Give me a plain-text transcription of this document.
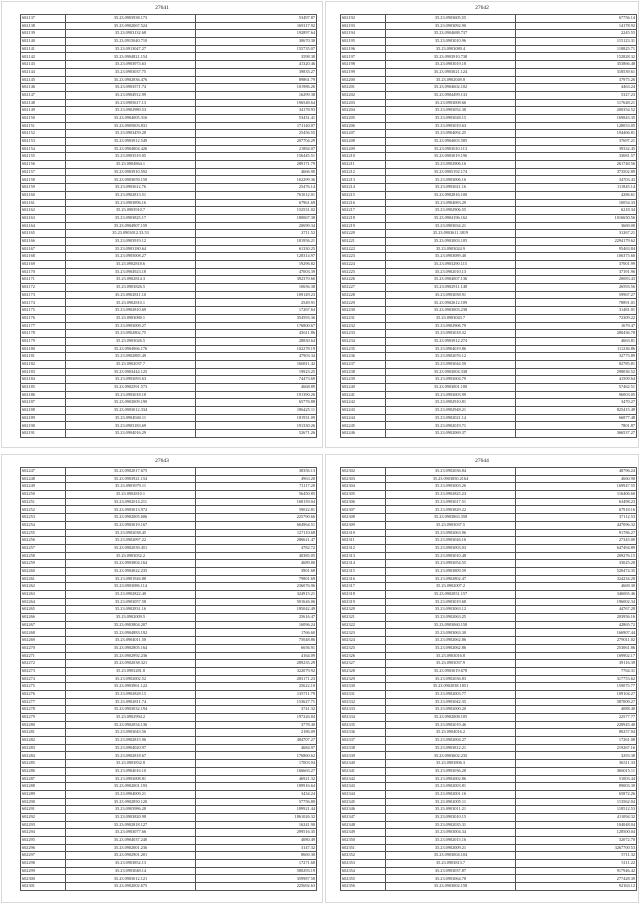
27641
602137	35.23.0903938.173	53497.87
602138	35.23.0902067.524	169117.92
602139	35.23.0903132.68	192897.64
602140	35.23.0915040.710	30670.30
602141	35.23.0913047.27	155735.07
602142	35.23.0904821.154	3598.38
602143	35.23.0903973.63	41320.46
602144	35.23.0903037.75	39835.27
602145	35.23.0902836.476	89861.79
602146	35.23.0903571.74	101986.26
602147	35.23.0904912.99	16299.38
602148	35.23.0905617.13	196548.64
602149	35.23.0902980.53	34178.93
602150	35.23.0904005.316	53431.41
602151	35.23.0905003.831	171140.07
602152	35.23.0903459.28	25456.55
602153	35.23.0903912.549	207704.29
602154	35.23.0904804.426	21884.07
602155	35.23.0903519.05	156445.51
602156	35.23.0904864.1	289171.79
602157	35.23.0903910.592	4666.90
602158	35.23.0903059.150	162299.36
602159	35.23.0903612.76	25476.14
602160	35.23.0902813.51	761012.01
602161	35.23.0903896.16	67961.69
602162	35.23.0903910.7	152531.02
602163	35.23.0903825.17	180067.38
602164	35.23.0904907.159	20699.34
602165	35.23.0903012.33.53	2711.52
602166	35.23.0903919.12	181956.21
602167	35.23.0903180.64	61330.25
602168	35.23.0905008.27	128314.97
602169	35.23.0902818.6	19296.82
602170	35.23.0904923.18	47003.39
602171	35.23.0902814.3	392370.60
602172	35.23.0903826.5	10656.38
602173	35.23.0902811.10	109149.23
602174	35.23.0902810.1	2549.91
602175	35.23.0902810.69	17267.64
602176	35.23.0903080.1	354593.36
602177	35.23.0903009.27	176800.67
602178	35.23.0902802.75	43611.86
602179	35.23.0903026.5	28830.64
602180	35.23.0904966.176	102278.19
602181	35.23.0902885.49	47903.34
602182	35.23.0902037.7	166811.42
602183	35.23.0903444.125	19923.25
602184	35.23.0903093.63	74473.69
602185	35.23.0902591.573	4668.89
602186	35.23.0903018.18	191390.26
602187	35.23.0903009.190	65776.88
602188	35.23.0903012.334	186425.11
602189	35.23.0904940.11	181931.09
602190	35.23.0903183.69	191330.26
602191	35.23.0904016.29	52671.26
27642
602192	35.23.0903605.55	67756.14
602193	35.23.0903092.90	14178.92
602194	35.23.0904688.737	2245.55
602195	35.23.0903010.96	115123.31
602196	35.23.0903080.4	118825.71
602197	35.23.0903910.738	152828.32
602198	35.23.0903019.18	353866.48
602199	35.23.0903021.124	318539.61
602200	35.23.0902049.8	37975.26
602201	35.23.0904602.102	4463.24
602202	35.23.0904499.133	5327.23
602203	35.23.0903008.66	117648.21
602204	35.23.0903052.38	200354.52
602205	35.23.0903028.15	169843.35
602206	35.23.0903019.63	128053.05
602207	35.23.0904092.25	194466.81
602208	35.23.0904003.585	37697.21
602209	35.23.0903010.113	39332.45
602210	35.23.0903019.196	33681.57
602211	35.23.0902906.16	261748.56
602212	35.23.0905192.174	373502.89
602213	35.23.0903006.16	34703.43
602214	35.23.0903021.16	111845.14
602215	35.23.0902816.100	4286.61
602216	35.23.0904083.29	10054.33
602217	35.23.0902906.55	6218.34
602218	35.23.0904196.162	1016650.56
602219	35.23.0903034.21	3669.00
602220	35.23.0903611.3819	31267.21
602221	35.23.0903003.105	2294179.62
602222	35.23.0903024.9	95463.84
602223	35.23.0903089.40	106375.60
602224	35.23.0903290.115	37001.99
602225	35.23.0902010.13	37191.96
602226	35.23.0904007.136	20083.43
602227	35.23.0902911.148	26593.56
602228	35.23.0903058.91	59967.27
602229	35.23.0902612.109	78891.01
602230	35.23.0903003.238	31481.01
602231	35.23.0903043.7	72309.22
602232	35.23.0902906.79	1679.47
602233	35.23.0903018.32	280436.78
602234	35.23.0903912.274	4663.81
602235	35.23.0904019.86	111236.86
602236	35.23.0902076.12	32775.89
602237	35.23.0903044.50	82785.81
602238	35.23.0903004.338	298036.52
602239	35.23.0903004.79	41509.64
602240	35.23.0903001.100	57462.51
602241	35.23.0903003.99	96003.05
602242	35.23.0902910.81	3470.27
602243	35.23.0902948.21	825415.49
602244	35.23.0902021.14	66877.48
602245	35.23.0902019.71	7801.87
602246	35.23.0902069.37	366537.27
27643
602247	35.23.0902017.675	38356.13
602248	35.23.0903921.154	4963.20
602249	35.23.0903979.11	71117.20
602250	35.23.0902810.1	56450.85
602251	35.23.0902014.211	168159.04
602252	35.23.0903013.972	59022.81
602253	35.23.0902005.606	225790.66
602254	35.23.0903019.167	604964.51
602255	35.23.0902038.45	127110.68
602256	35.23.0902097.22	286621.47
602257	35.23.0902039.451	4782.72
602258	35.23.0903052.2	40385.05
602259	35.23.0903804.164	4689.80
602260	35.23.0904022.235	3901.68
602261	35.23.0901926.88	79801.69
602262	35.23.0903086.114	236076.96
602263	35.23.0902822.40	324915.21
602264	35.23.0903057.58	501626.06
602265	35.23.0902831.16	185042.49
602266	35.23.0902009.5	25616.47
602267	35.23.0903804.207	16096.24
602268	35.23.0904883.192	1766.60
602269	35.23.0904011.50	75048.86
602270	35.23.0902805.164	6656.91
602271	35.23.0902992.236	4164.09
602272	35.23.0902038.321	289235.29
602273	35.23.0903281.8	322079.92
602274	35.23.0902002.52	283171.23
602275	35.23.0903961.122	25622.10
602276	35.23.0902828.15	135711.79
602277	35.23.0902811.74	153627.71
602278	35.23.0903032.194	3741.32
602279	35.23.0902994.2	197226.84
602280	35.23.0902054.136	3778.40
602281	35.23.0903043.56	2186.09
602282	35.23.0902815.96	484707.27
602283	35.23.0904020.97	4684.97
602284	35.23.0902818.67	176860.62
602285	35.23.0903832.8	17003.94
602286	35.23.0904016.10	166663.27
602287	35.23.0903008.81	46921.32
602288	35.23.0902001.193	189916.64
602289	35.23.0904009.21	3434.24
602290	35.23.0902850.120	57756.80
602291	35.23.0903986.28	189921.44
602292	35.23.0903820.98	1861026.32
602293	35.23.0902818.127	16241.90
602294	35.23.0903077.66	299516.35
602295	35.23.0904037.240	4080.49
602296	35.23.0902001.236	3147.32
602297	35.23.0902901.201	8669.30
602298	35.23.0903852.13	17271.60
602299	35.23.0903048.14	580293.19
602300	35.23.0903012.121	359987.58
602301	35.23.0902002.675	225692.63
27644
602302	35.23.0902036.84	48796.24
602303	35.23.0903850.2164	4660.90
602304	35.23.0903003.26	169947.55
602305	35.23.0902825.23	116406.60
602306	35.23.0903017.51	63498.23
602307	35.23.0903829.22	67918.16
602308	35.23.0903863.358	37112.53
602309	35.23.0903037.5	447096.32
602310	35.23.0902063.96	91786.27
602311	35.23.0903026.16	27345.00
602312	35.23.0903003.03	647494.89
602313	35.23.0903010.48	209276.15
602314	35.23.0903054.55	33025.28
602315	35.23.0903809.59	528474.35
602316	35.23.0902802.47	324234.20
602317	35.23.0902007.2	4669.30
602318	35.23.0902051.157	346065.46
602319	35.23.0903019.68	196002.34
602320	35.23.0903063.12	44767.28
602321	35.23.0902063.25	203956.16
602322	35.23.0903060.158	42865.72
602323	35.23.0903063.30	166907.44
602324	35.23.0902062.86	279011.02
602325	35.23.0902062.86	253061.86
602326	35.23.0903016.8	169902.17
602327	35.23.0903037.9	39116.39
602328	35.23.0903019.678	7764.31
602329	35.23.0902036.83	317753.62
602330	35.23.0902038.1851	159075.77
602331	35.23.0902003.77	109104.27
602332	35.23.0903042.35	387009.27
602333	35.23.0902000.20	4088.40
602334	35.23.0902008.105	22577.77
602335	35.23.0902019.46	228945.40
602336	35.23.0904016.2	80257.04
602337	35.23.0902004.27	17261.08
602338	35.23.0903812.21	219267.16
602339	35.23.0903602.235	3293.38
602340	35.23.0903806.3	36511.33
602341	35.23.0903036.28	366015.11
602342	35.23.0902002.86	51003.44
602343	35.23.0902003.81	89003.39
602344	35.23.0902001.16	65872.26
602345	35.23.0902005.11	113562.04
602346	35.23.0903011.21	118512.53
602347	35.23.0903010.15	411094.32
602348	35.23.0902035.31	104048.04
602349	35.23.0903004.34	128500.04
602350	35.23.0902015.16	32072.70
602351	35.23.0902009.21	3267700.53
602352	35.23.0903004.104	5711.32
602353	35.23.0903813.7	5111.22
602354	35.23.0903037.87	917946.42
602355	35.23.0903064.78	277428.39
602356	35.23.0903002.158	92163.12
